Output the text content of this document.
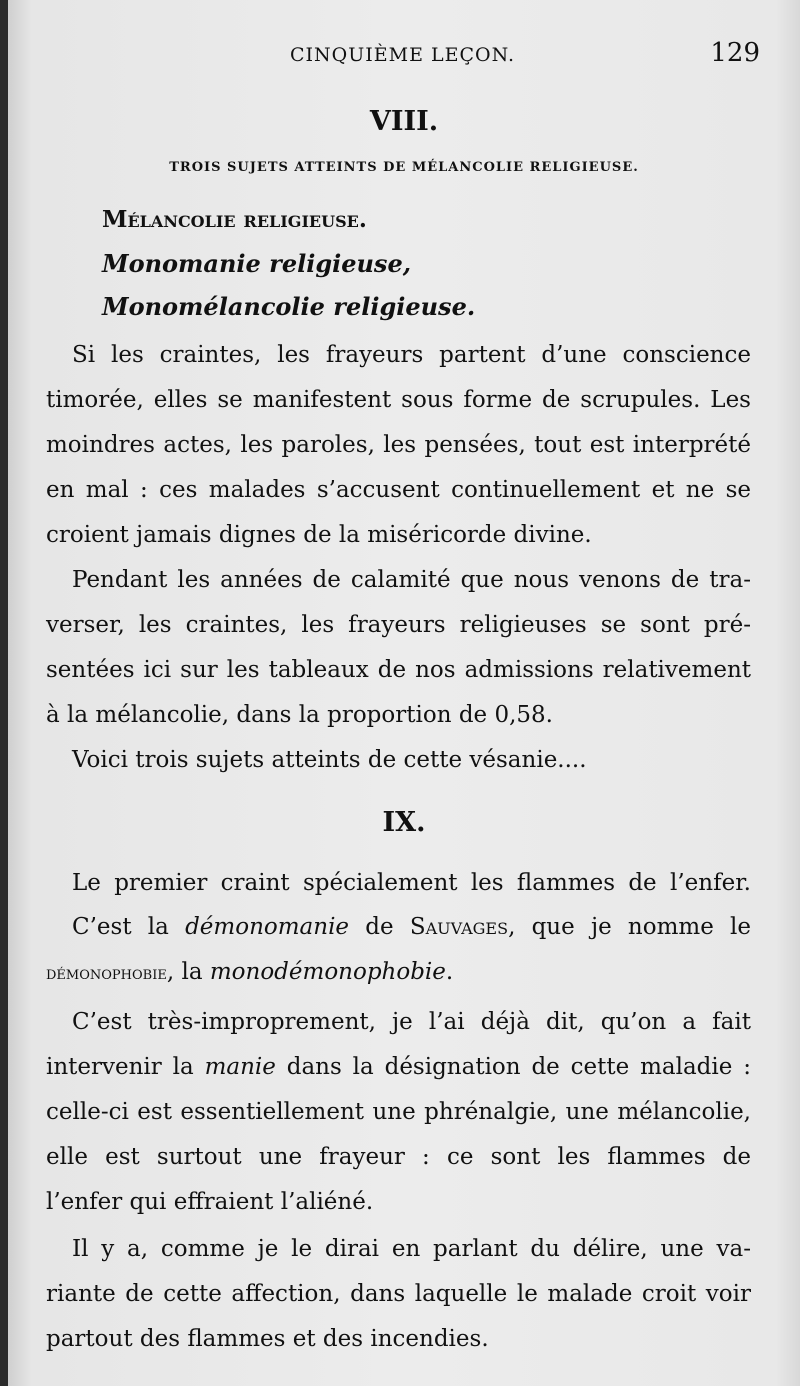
CINQUIÈME LEÇON.	129
VIII.
TROIS SUJETS ATTEINTS DE MÉLANCOLIE RELIGIEUSE.
Mélancolie religieuse.
Monomanie religieuse,
Monomélancolie religieuse.
Si les craintes, les frayeurs partent d’une conscience
timorée, elles se manifestent sous forme de scrupules. Les
moindres actes, les paroles, les pensées, tout est interprété
en mal : ces malades s’accusent continuellement et ne se
croient jamais dignes de la miséricorde divine.
Pendant les années de calamité que nous venons de tra-
verser, les craintes, les frayeurs religieuses se sont pré-
sentées ici sur les tableaux de nos admissions relativement
à la mélancolie, dans la proportion de 0,58.
Voici trois sujets atteints de cette vésanie....
IX.
Le premier craint spécialement les flammes de l’enfer.
C’est la démonomanie de Sauvages, que je nomme le
démonophobie, la monodémonophobie.
C’est très-improprement, je l’ai déjà dit, qu’on a fait
intervenir la manie dans la désignation de cette maladie :
celle-ci est essentiellement une phrénalgie, une mélancolie,
elle est surtout une frayeur : ce sont les flammes de
l’enfer qui effraient l’aliéné.
Il y a, comme je le dirai en parlant du délire, une va-
riante de cette affection, dans laquelle le malade croit voir
partout des flammes et des incendies.
